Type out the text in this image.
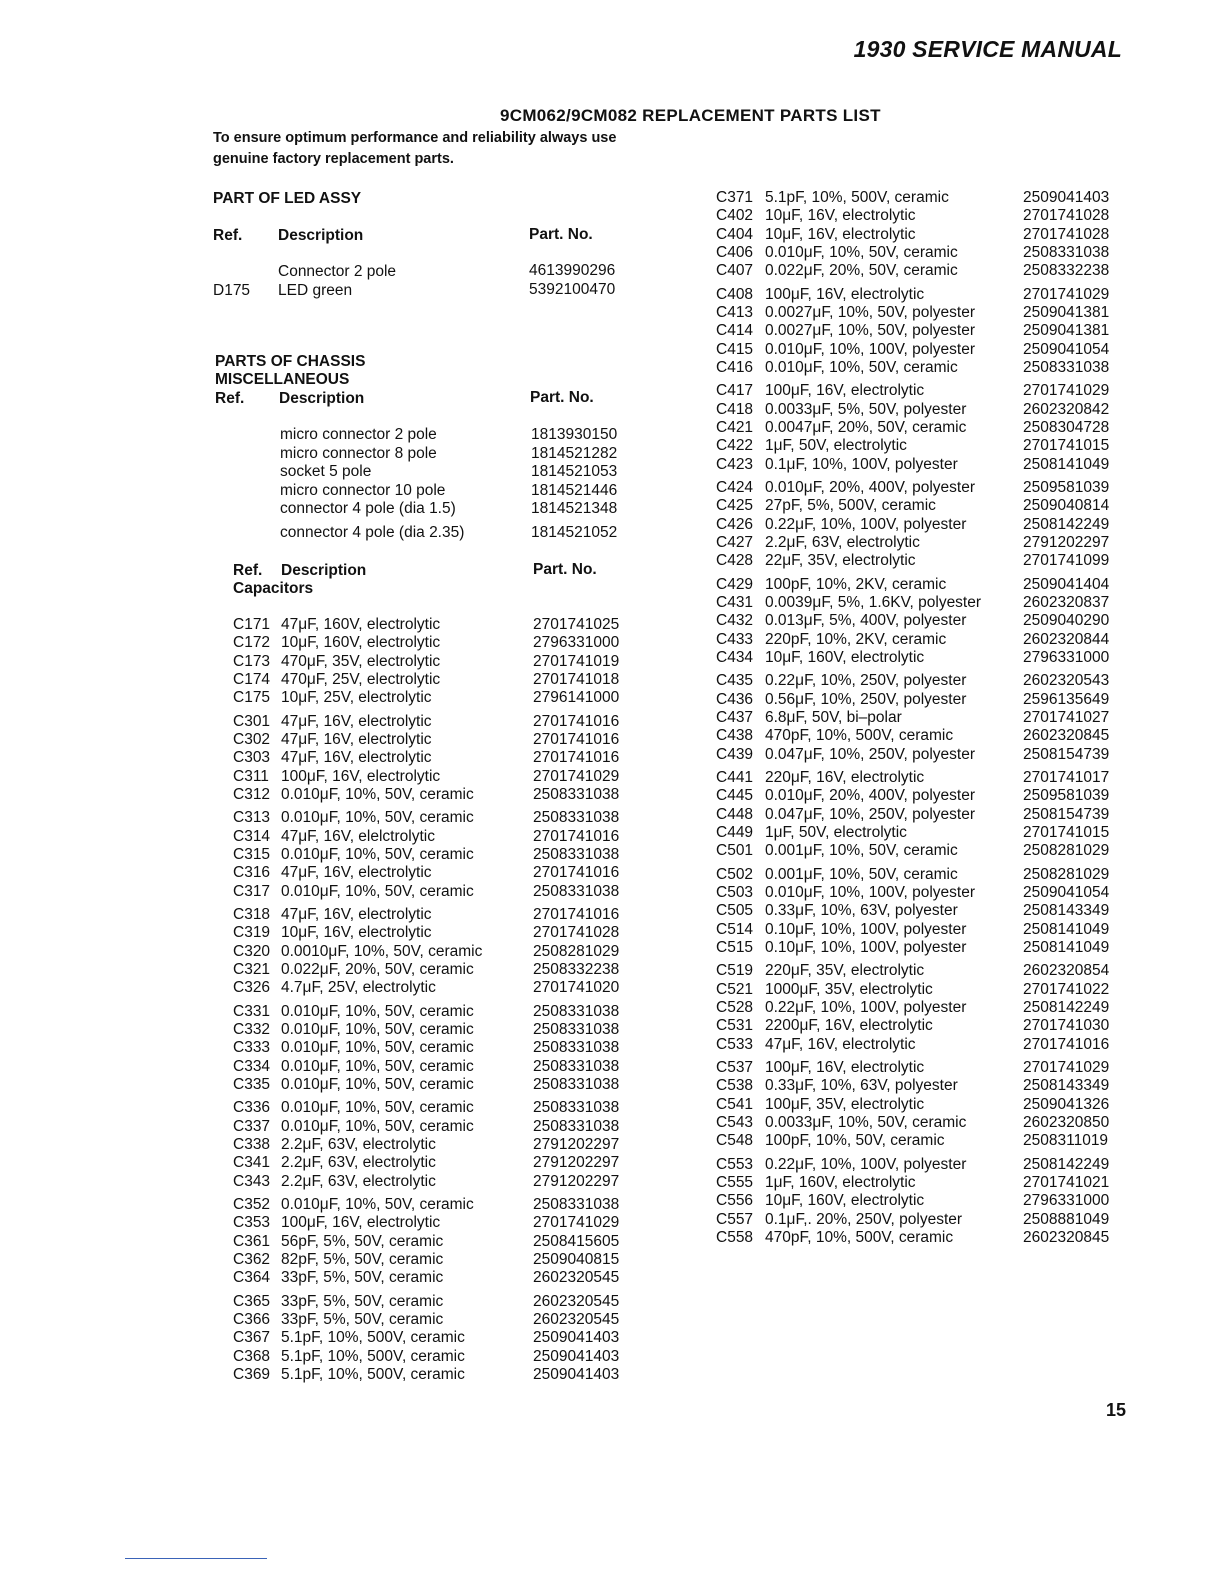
1930 SERVICE MANUAL
9CM062/9CM082 REPLACEMENT PARTS LIST
To ensure optimum performance and reliability always use
genuine factory replacement parts.
PART OF LED ASSY
Ref. Description	Part. No.
Connector 2 pole	4613990296
D175 LED green	5392100470
PARTS OF CHASSIS
MISCELLANEOUS
Ref. Description	Part. No.
micro connector 2 pole	1813930150
micro connector 8 pole	1814521282
socket 5 pole	1814521053
micro connector 10 pole	1814521446
connector 4 pole (dia 1.5)	1814521348
connector 4 pole (dia 2.35)	1814521052
Ref. Description	Part. No.
Capacitors
C171 47μF, 160V, electrolytic	2701741025
C172 10μF, 160V, electrolytic	2796331000
C173 470μF, 35V, electrolytic	2701741019
C174 470μF, 25V, electrolytic	2701741018
C175 10μF, 25V, electrolytic	2796141000
C301 47μF, 16V, electrolytic	2701741016
C302 47μF, 16V, electrolytic	2701741016
C303 47μF, 16V, electrolytic	2701741016
C311 100μF, 16V, electrolytic	2701741029
C312 0.010μF, 10%, 50V, ceramic	2508331038
C313 0.010μF, 10%, 50V, ceramic	2508331038
C314 47μF, 16V, elelctrolytic	2701741016
C315 0.010μF, 10%, 50V, ceramic	2508331038
C316 47μF, 16V, electrolytic	2701741016
C317 0.010μF, 10%, 50V, ceramic	2508331038
C318 47μF, 16V, electrolytic	2701741016
C319 10μF, 16V, electrolytic	2701741028
C320 0.0010μF, 10%, 50V, ceramic	2508281029
C321 0.022μF, 20%, 50V, ceramic	2508332238
C326 4.7μF, 25V, electrolytic	2701741020
C331 0.010μF, 10%, 50V, ceramic	2508331038
C332 0.010μF, 10%, 50V, ceramic	2508331038
C333 0.010μF, 10%, 50V, ceramic	2508331038
C334 0.010μF, 10%, 50V, ceramic	2508331038
C335 0.010μF, 10%, 50V, ceramic	2508331038
C336 0.010μF, 10%, 50V, ceramic	2508331038
C337 0.010μF, 10%, 50V, ceramic	2508331038
C338 2.2μF, 63V, electrolytic	2791202297
C341 2.2μF, 63V, electrolytic	2791202297
C343 2.2μF, 63V, electrolytic	2791202297
C352 0.010μF, 10%, 50V, ceramic	2508331038
C353 100μF, 16V, electrolytic	2701741029
C361 56pF, 5%, 50V, ceramic	2508415605
C362 82pF, 5%, 50V, ceramic	2509040815
C364 33pF, 5%, 50V, ceramic	2602320545
C365 33pF, 5%, 50V, ceramic	2602320545
C366 33pF, 5%, 50V, ceramic	2602320545
C367 5.1pF, 10%, 500V, ceramic	2509041403
C368 5.1pF, 10%, 500V, ceramic	2509041403
C369 5.1pF, 10%, 500V, ceramic	2509041403
C371 5.1pF, 10%, 500V, ceramic	2509041403
C402 10μF, 16V, electrolytic	2701741028
C404 10μF, 16V, electrolytic	2701741028
C406 0.010μF, 10%, 50V, ceramic	2508331038
C407 0.022μF, 20%, 50V, ceramic	2508332238
C408 100μF, 16V, electrolytic	2701741029
C413 0.0027μF, 10%, 50V, polyester	2509041381
C414 0.0027μF, 10%, 50V, polyester	2509041381
C415 0.010μF, 10%, 100V, polyester	2509041054
C416 0.010μF, 10%, 50V, ceramic	2508331038
C417 100μF, 16V, electrolytic	2701741029
C418 0.0033μF, 5%, 50V, polyester	2602320842
C421 0.0047μF, 20%, 50V, ceramic	2508304728
C422 1μF, 50V, electrolytic	2701741015
C423 0.1μF, 10%, 100V, polyester	2508141049
C424 0.010μF, 20%, 400V, polyester	2509581039
C425 27pF, 5%, 500V, ceramic	2509040814
C426 0.22μF, 10%, 100V, polyester	2508142249
C427 2.2μF, 63V, electrolytic	2791202297
C428 22μF, 35V, electrolytic	2701741099
C429 100pF, 10%, 2KV, ceramic	2509041404
C431 0.0039μF, 5%, 1.6KV, polyester	2602320837
C432 0.013μF, 5%, 400V, polyester	2509040290
C433 220pF, 10%, 2KV, ceramic	2602320844
C434 10μF, 160V, electrolytic	2796331000
C435 0.22μF, 10%, 250V, polyester	2602320543
C436 0.56μF, 10%, 250V, polyester	2596135649
C437 6.8μF, 50V, bi–polar	2701741027
C438 470pF, 10%, 500V, ceramic	2602320845
C439 0.047μF, 10%, 250V, polyester	2508154739
C441 220μF, 16V, electrolytic	2701741017
C445 0.010μF, 20%, 400V, polyester	2509581039
C448 0.047μF, 10%, 250V, polyester	2508154739
C449 1μF, 50V, electrolytic	2701741015
C501 0.001μF, 10%, 50V, ceramic	2508281029
C502 0.001μF, 10%, 50V, ceramic	2508281029
C503 0.010μF, 10%, 100V, polyester	2509041054
C505 0.33μF, 10%, 63V, polyester	2508143349
C514 0.10μF, 10%, 100V, polyester	2508141049
C515 0.10μF, 10%, 100V, polyester	2508141049
C519 220μF, 35V, electrolytic	2602320854
C521 1000μF, 35V, electrolytic	2701741022
C528 0.22μF, 10%, 100V, polyester	2508142249
C531 2200μF, 16V, electrolytic	2701741030
C533 47μF, 16V, electrolytic	2701741016
C537 100μF, 16V, electrolytic	2701741029
C538 0.33μF, 10%, 63V, polyester	2508143349
C541 100μF, 35V, electrolytic	2509041326
C543 0.0033μF, 10%, 50V, ceramic	2602320850
C548 100pF, 10%, 50V, ceramic	2508311019
C553 0.22μF, 10%, 100V, polyester	2508142249
C555 1μF, 160V, electrolytic	2701741021
C556 10μF, 160V, electrolytic	2796331000
C557 0.1μF,. 20%, 250V, polyester	2508881049
C558 470pF, 10%, 500V, ceramic	2602320845
15
